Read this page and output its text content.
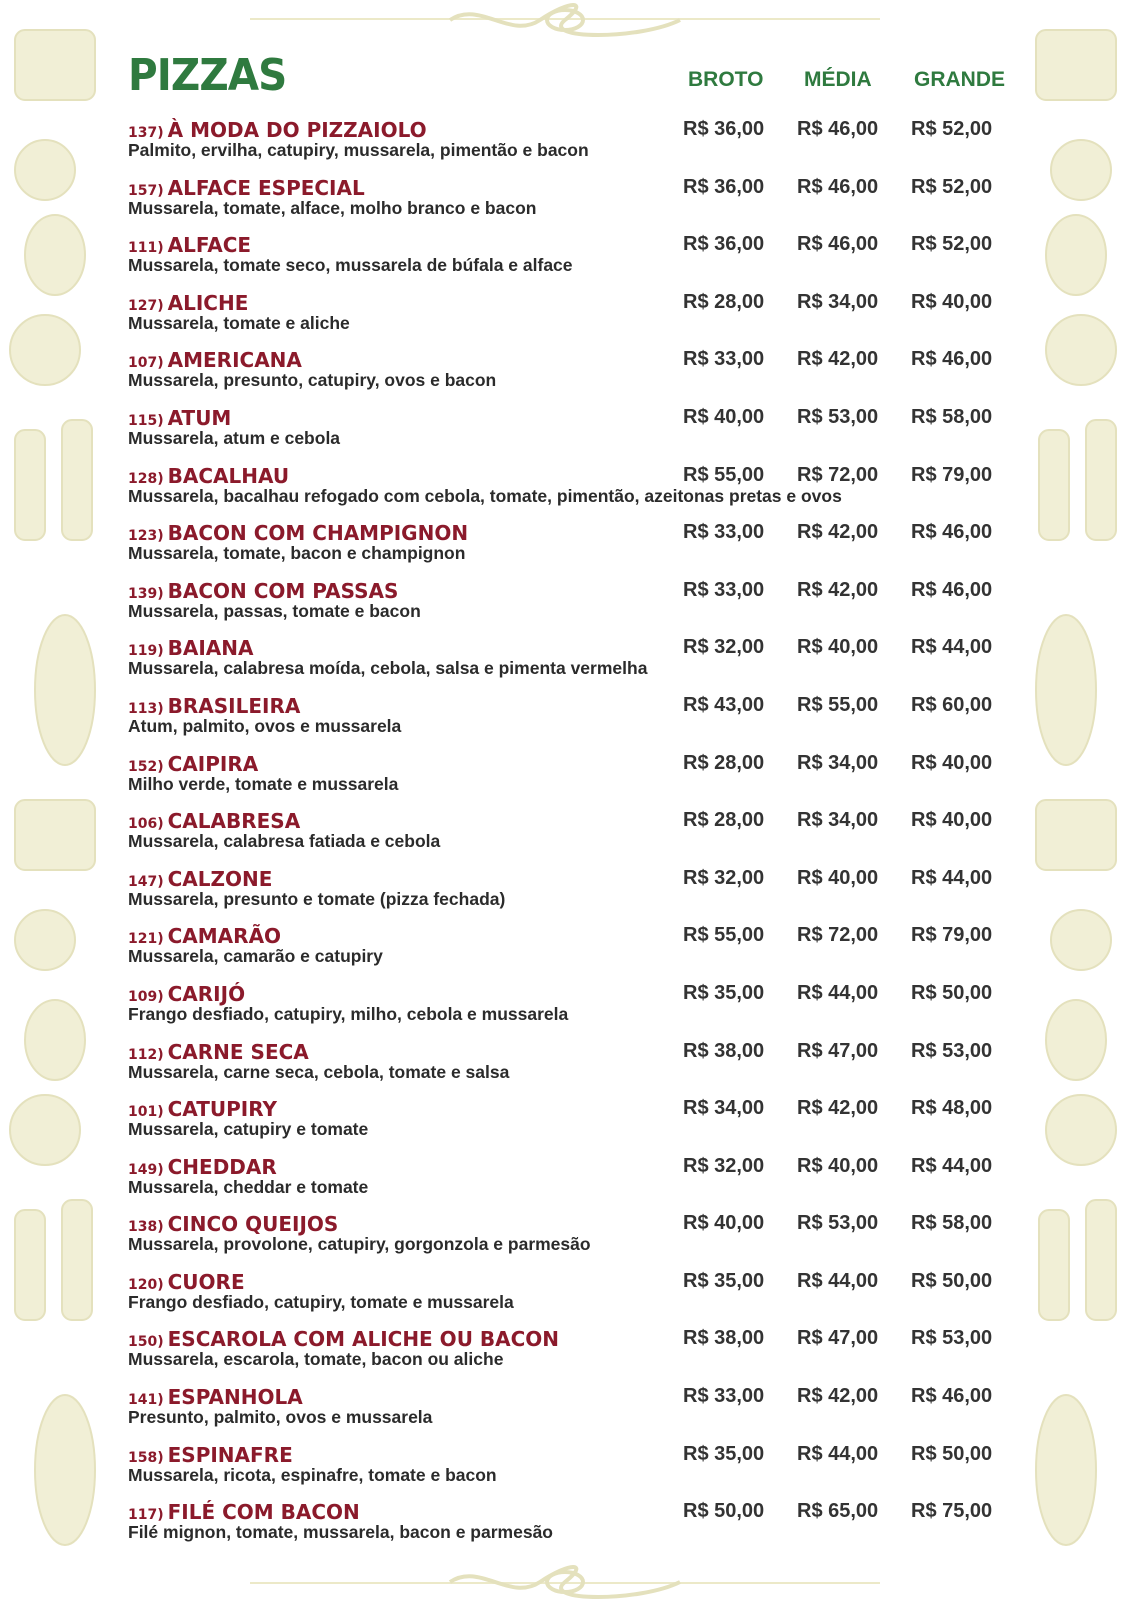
PIZZAS	BROTO MÉDIA GRANDE
137) À MODA DO PIZZAIOLO
Palmito, ervilha, catupiry, mussarela, pimentão e bacon
R$ 36,00 R$ 46,00 R$ 52,00
157) ALFACE ESPECIAL
Mussarela, tomate, alface, molho branco e bacon
R$ 36,00 R$ 46,00 R$ 52,00
111) ALFACE
Mussarela, tomate seco, mussarela de búfala e alface
R$ 36,00 R$ 46,00 R$ 52,00
127) ALICHE
Mussarela, tomate e aliche
R$ 28,00 R$ 34,00 R$ 40,00
107) AMERICANA
Mussarela, presunto, catupiry, ovos e bacon
R$ 33,00 R$ 42,00 R$ 46,00
115) ATUM
Mussarela, atum e cebola
R$ 40,00 R$ 53,00 R$ 58,00
128) BACALHAU
Mussarela, bacalhau refogado com cebola, tomate, pimentão, azeitonas pretas e ovos
R$ 55,00 R$ 72,00 R$ 79,00
123) BACON COM CHAMPIGNON
Mussarela, tomate, bacon e champignon
R$ 33,00 R$ 42,00 R$ 46,00
139) BACON COM PASSAS
Mussarela, passas, tomate e bacon
R$ 33,00 R$ 42,00 R$ 46,00
119) BAIANA
Mussarela, calabresa moída, cebola, salsa e pimenta vermelha
R$ 32,00 R$ 40,00 R$ 44,00
113) BRASILEIRA
Atum, palmito, ovos e mussarela
R$ 43,00 R$ 55,00 R$ 60,00
152) CAIPIRA
Milho verde, tomate e mussarela
R$ 28,00 R$ 34,00 R$ 40,00
106) CALABRESA
Mussarela, calabresa fatiada e cebola
R$ 28,00 R$ 34,00 R$ 40,00
147) CALZONE
Mussarela, presunto e tomate (pizza fechada)
R$ 32,00 R$ 40,00 R$ 44,00
121) CAMARÃO
Mussarela, camarão e catupiry
R$ 55,00 R$ 72,00 R$ 79,00
109) CARIJÓ
Frango desfiado, catupiry, milho, cebola e mussarela
R$ 35,00 R$ 44,00 R$ 50,00
112) CARNE SECA
Mussarela, carne seca, cebola, tomate e salsa
R$ 38,00 R$ 47,00 R$ 53,00
101) CATUPIRY
Mussarela, catupiry e tomate
R$ 34,00 R$ 42,00 R$ 48,00
149) CHEDDAR
Mussarela, cheddar e tomate
R$ 32,00 R$ 40,00 R$ 44,00
138) CINCO QUEIJOS
Mussarela, provolone, catupiry, gorgonzola e parmesão
R$ 40,00 R$ 53,00 R$ 58,00
120) CUORE
Frango desfiado, catupiry, tomate e mussarela
R$ 35,00 R$ 44,00 R$ 50,00
150) ESCAROLA COM ALICHE OU BACON
Mussarela, escarola, tomate, bacon ou aliche
R$ 38,00 R$ 47,00 R$ 53,00
141) ESPANHOLA
Presunto, palmito, ovos e mussarela
R$ 33,00 R$ 42,00 R$ 46,00
158) ESPINAFRE
Mussarela, ricota, espinafre, tomate e bacon
R$ 35,00 R$ 44,00 R$ 50,00
117) FILÉ COM BACON
Filé mignon, tomate, mussarela, bacon e parmesão
R$ 50,00 R$ 65,00 R$ 75,00
